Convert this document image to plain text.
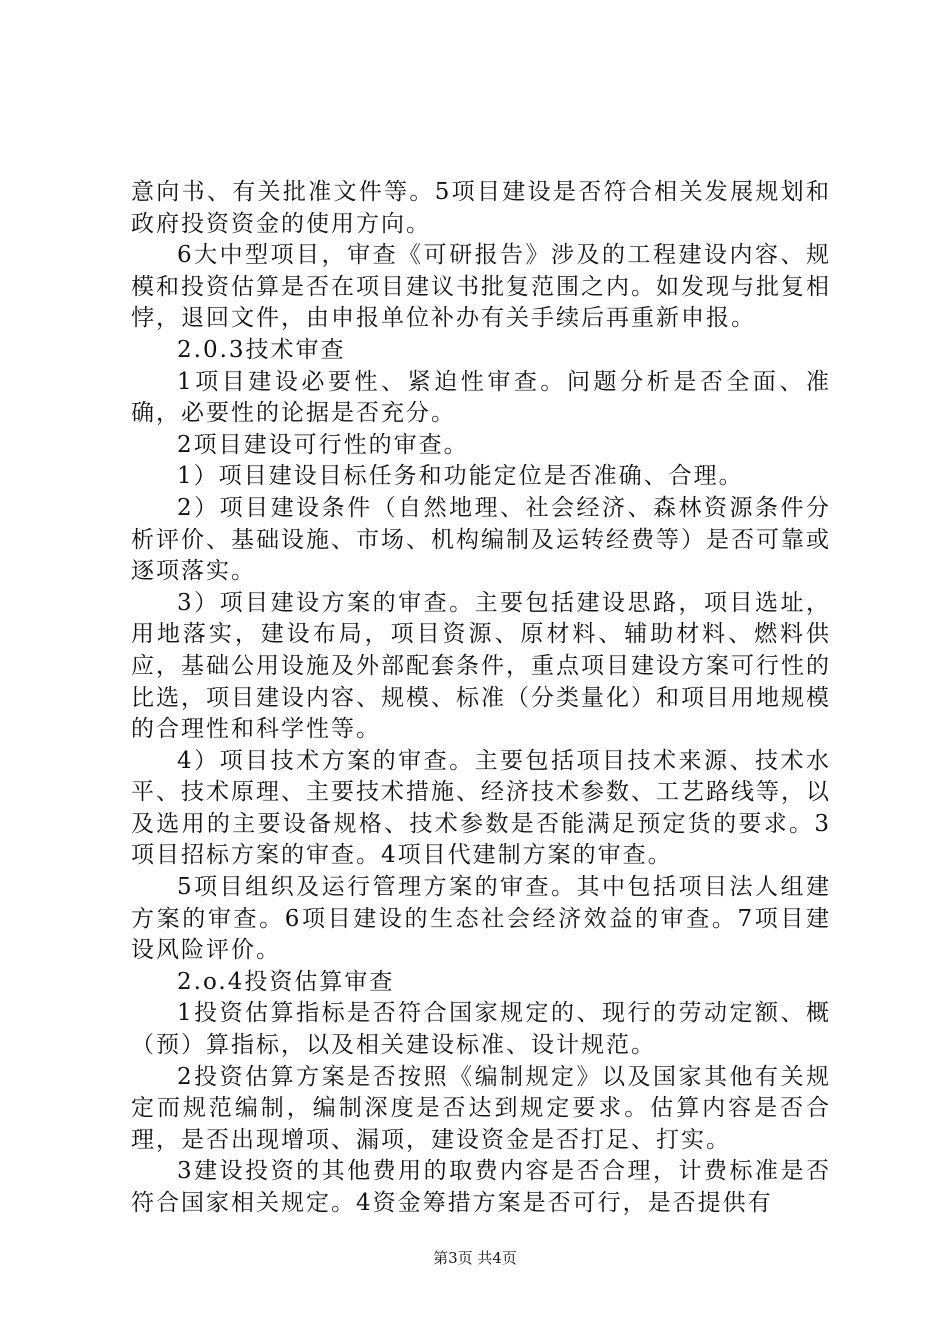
意向书、有关批准文件等。5项目建设是否符合相关发展规划和政府投资资金的使用方向。

6大中型项目，审查《可研报告》涉及的工程建设内容、规模和投资估算是否在项目建议书批复范围之内。如发现与批复相悖，退回文件，由申报单位补办有关手续后再重新申报。

2.0.3技术审查

1项目建设必要性、紧迫性审查。问题分析是否全面、准确，必要性的论据是否充分。

2项目建设可行性的审查。

1）项目建设目标任务和功能定位是否准确、合理。

2）项目建设条件（自然地理、社会经济、森林资源条件分析评价、基础设施、市场、机构编制及运转经费等）是否可靠或逐项落实。

3）项目建设方案的审查。主要包括建设思路，项目选址，用地落实，建设布局，项目资源、原材料、辅助材料、燃料供应，基础公用设施及外部配套条件，重点项目建设方案可行性的比选，项目建设内容、规模、标准（分类量化）和项目用地规模的合理性和科学性等。

4）项目技术方案的审查。主要包括项目技术来源、技术水平、技术原理、主要技术措施、经济技术参数、工艺路线等，以及选用的主要设备规格、技术参数是否能满足预定货的要求。3项目招标方案的审查。4项目代建制方案的审查。

5项目组织及运行管理方案的审查。其中包括项目法人组建方案的审查。6项目建设的生态社会经济效益的审查。7项目建设风险评价。

2.o.4投资估算审查

1投资估算指标是否符合国家规定的、现行的劳动定额、概（预）算指标，以及相关建设标准、设计规范。

2投资估算方案是否按照《编制规定》以及国家其他有关规定而规范编制，编制深度是否达到规定要求。估算内容是否合理，是否出现增项、漏项，建设资金是否打足、打实。

3建设投资的其他费用的取费内容是否合理，计费标准是否符合国家相关规定。4资金筹措方案是否可行，是否提供有

第3页 共4页
